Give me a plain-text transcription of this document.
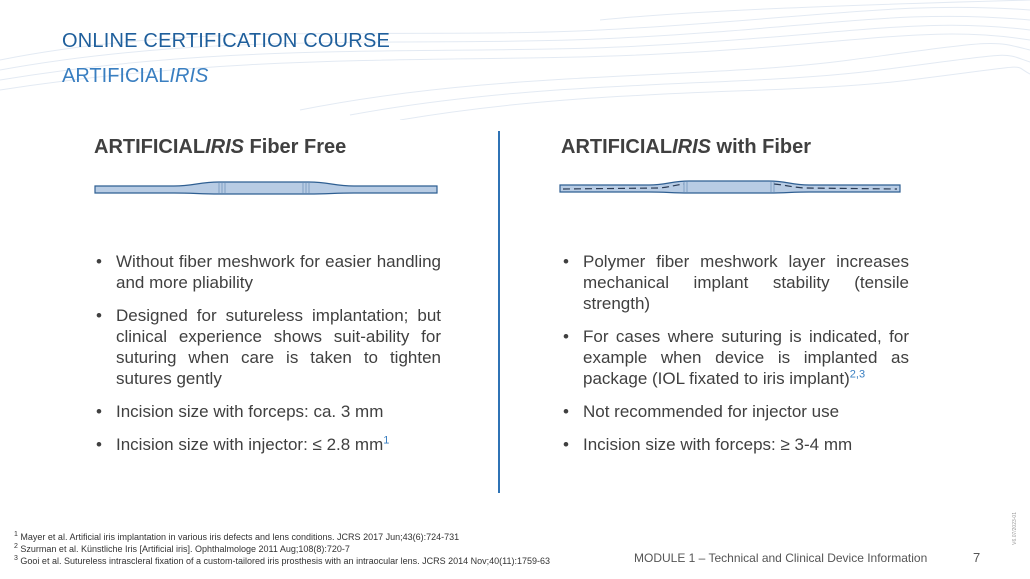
ONLINE CERTIFICATION COURSE
ARTIFICIALIRIS
ARTIFICIALIRIS Fiber Free	ARTIFICIALIRIS with Fiber
• Without fiber meshwork for easier handling and more pliability
• Designed for sutureless implantation; but clinical experience shows suit-ability for suturing when care is taken to tighten sutures gently
• Incision size with forceps: ca. 3 mm
• Incision size with injector: ≤ 2.8 $mm^1$
• Polymer fiber meshwork layer increases mechanical implant stability (tensile strength)
• For cases where suturing is indicated, for example when device is implanted as package (IOL fixated to iris implant)$^{2,3}$
• Not recommended for injector use
• Incision size with forceps: ≥ 3-4 mm
$^1$ Mayer et al. Artificial iris implantation in various iris defects and lens conditions. JCRS 2017 Jun;43(6):724-731
$^2$ Szurman et al. Künstliche Iris [Artificial iris]. Ophthalmologe 2011 Aug;108(8):720-7
$^3$ Gooi et al. Sutureless intrascleral fixation of a custom-tailored iris prosthesis with an intraocular lens. JCRS 2014 Nov;40(11):1759-63	MODULE 1 – Technical and Clinical Device Information	7
V6.07/2023-01
